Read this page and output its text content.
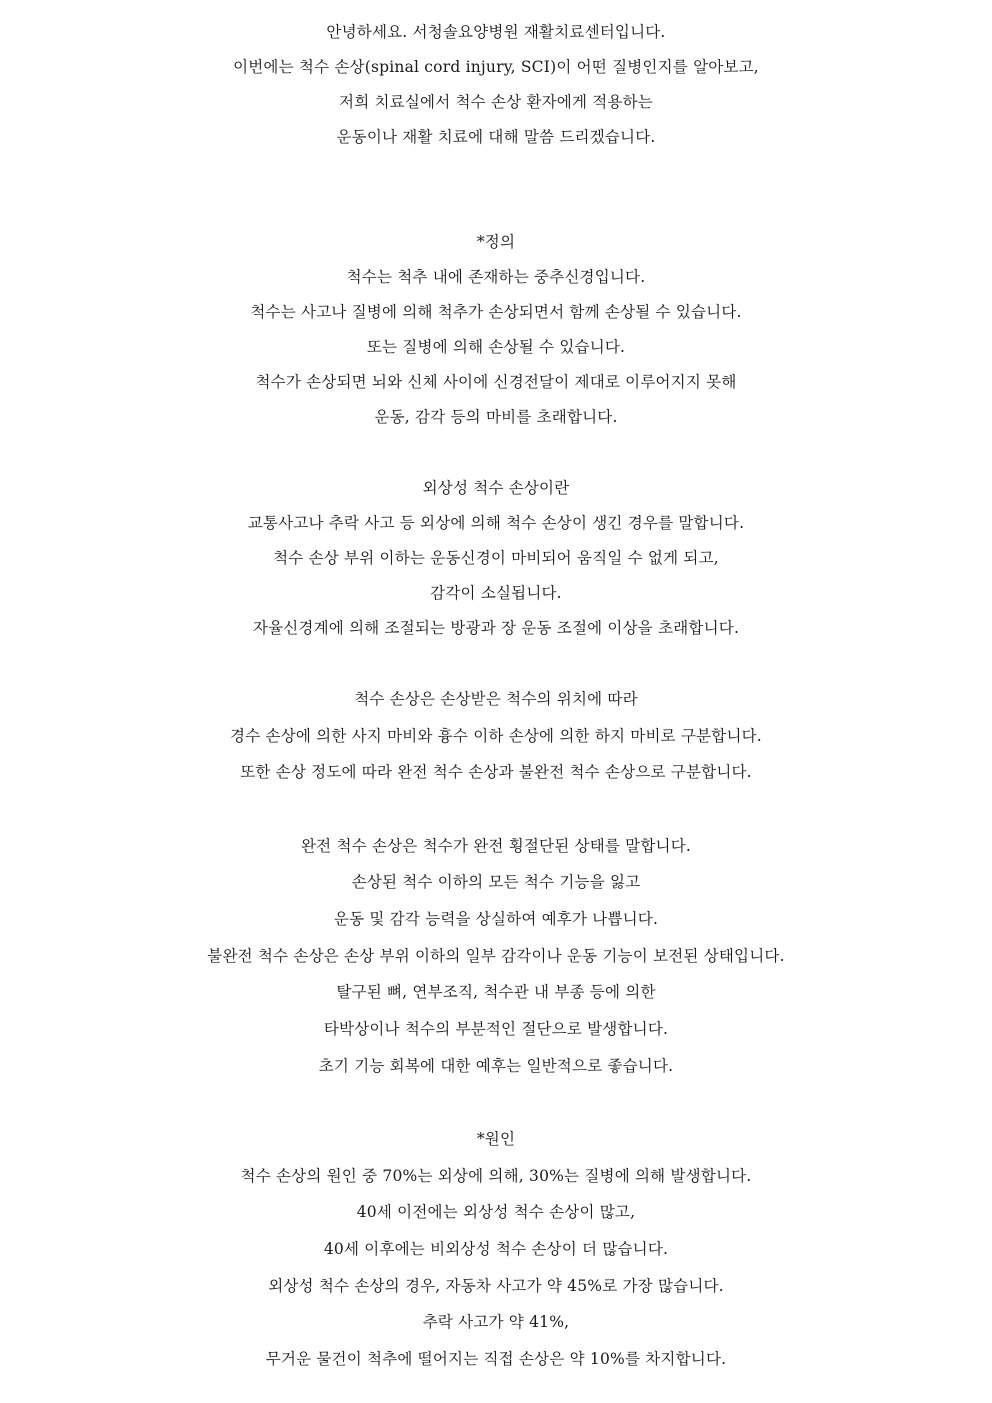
안녕하세요. 서청솔요양병원 재활치료센터입니다.
이번에는 척수 손상(spinal cord injury, SCI)이 어떤 질병인지를 알아보고,
저희 치료실에서 척수 손상 환자에게 적용하는
운동이나 재활 치료에 대해 말씀 드리겠습니다.
*정의
척수는 척추 내에 존재하는 중추신경입니다.
척수는 사고나 질병에 의해 척추가 손상되면서 함께 손상될 수 있습니다.
또는 질병에 의해 손상될 수 있습니다.
척수가 손상되면 뇌와 신체 사이에 신경전달이 제대로 이루어지지 못해
운동, 감각 등의 마비를 초래합니다.
외상성 척수 손상이란
교통사고나 추락 사고 등 외상에 의해 척수 손상이 생긴 경우를 말합니다.
척수 손상 부위 이하는 운동신경이 마비되어 움직일 수 없게 되고,
감각이 소실됩니다.
자율신경계에 의해 조절되는 방광과 장 운동 조절에 이상을 초래합니다.
척수 손상은 손상받은 척수의 위치에 따라
경수 손상에 의한 사지 마비와 흉수 이하 손상에 의한 하지 마비로 구분합니다.
또한 손상 정도에 따라 완전 척수 손상과 불완전 척수 손상으로 구분합니다.
완전 척수 손상은 척수가 완전 횡절단된 상태를 말합니다.
손상된 척수 이하의 모든 척수 기능을 잃고
운동 및 감각 능력을 상실하여 예후가 나쁩니다.
불완전 척수 손상은 손상 부위 이하의 일부 감각이나 운동 기능이 보전된 상태입니다.
탈구된 뼈, 연부조직, 척수관 내 부종 등에 의한
타박상이나 척수의 부분적인 절단으로 발생합니다.
초기 기능 회복에 대한 예후는 일반적으로 좋습니다.
*원인
척수 손상의 원인 중 70%는 외상에 의해, 30%는 질병에 의해 발생합니다.
40세 이전에는 외상성 척수 손상이 많고,
40세 이후에는 비외상성 척수 손상이 더 많습니다.
외상성 척수 손상의 경우, 자동차 사고가 약 45%로 가장 많습니다.
추락 사고가 약 41%,
무거운 물건이 척추에 떨어지는 직접 손상은 약 10%를 차지합니다.
